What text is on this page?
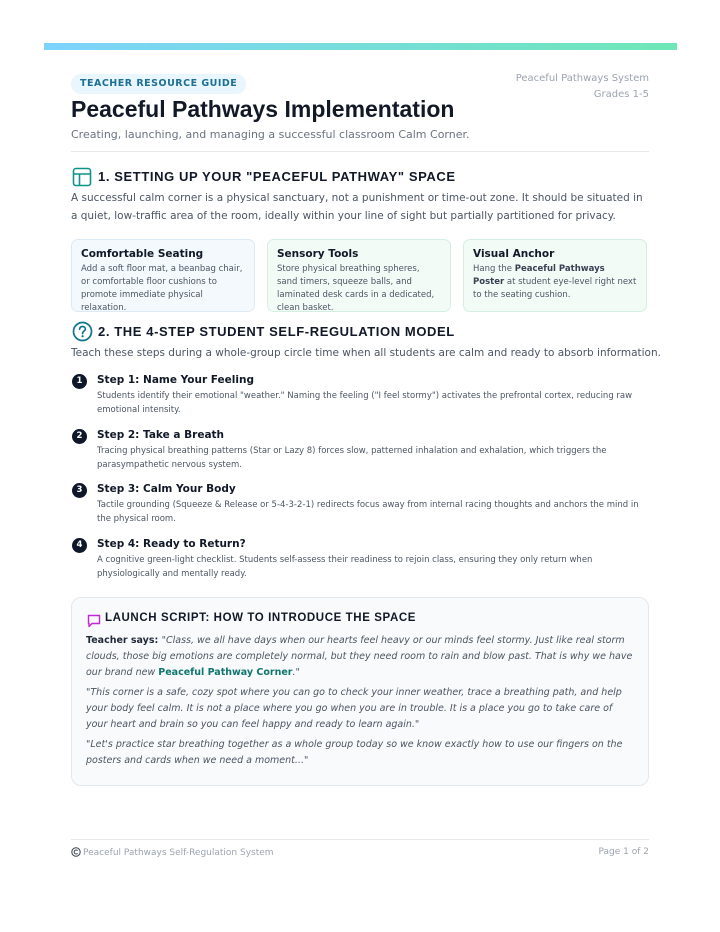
TEACHER RESOURCE GUIDE	Peaceful Pathways System
Grades 1-5
Peaceful Pathways Implementation
Creating, launching, and managing a successful classroom Calm Corner.
1. SETTING UP YOUR "PEACEFUL PATHWAY" SPACE
A successful calm corner is a physical sanctuary, not a punishment or time-out zone. It should be situated in a quiet, low-traffic area of the room, ideally within your line of sight but partially partitioned for privacy.
Comfortable Seating
Add a soft floor mat, a beanbag chair, or comfortable floor cushions to promote immediate physical relaxation.
Sensory Tools
Store physical breathing spheres, sand timers, squeeze balls, and laminated desk cards in a dedicated, clean basket.
Visual Anchor
Hang the Peaceful Pathways Poster at student eye-level right next to the seating cushion.
2. THE 4-STEP STUDENT SELF-REGULATION MODEL
Teach these steps during a whole-group circle time when all students are calm and ready to absorb information.
1	Step 1: Name Your Feeling
Students identify their emotional "weather." Naming the feeling ("I feel stormy") activates the prefrontal cortex, reducing raw emotional intensity.
2	Step 2: Take a Breath
Tracing physical breathing patterns (Star or Lazy 8) forces slow, patterned inhalation and exhalation, which triggers the parasympathetic nervous system.
3	Step 3: Calm Your Body
Tactile grounding (Squeeze & Release or 5-4-3-2-1) redirects focus away from internal racing thoughts and anchors the mind in the physical room.
4	Step 4: Ready to Return?
A cognitive green-light checklist. Students self-assess their readiness to rejoin class, ensuring they only return when physiologically and mentally ready.
LAUNCH SCRIPT: HOW TO INTRODUCE THE SPACE
Teacher says: "Class, we all have days when our hearts feel heavy or our minds feel stormy. Just like real storm clouds, those big emotions are completely normal, but they need room to rain and blow past. That is why we have our brand new Peaceful Pathway Corner."
"This corner is a safe, cozy spot where you can go to check your inner weather, trace a breathing path, and help your body feel calm. It is not a place where you go when you are in trouble. It is a place you go to take care of your heart and brain so you can feel happy and ready to learn again."
"Let's practice star breathing together as a whole group today so we know exactly how to use our fingers on the posters and cards when we need a moment..."
Peaceful Pathways Self-Regulation System	Page 1 of 2
